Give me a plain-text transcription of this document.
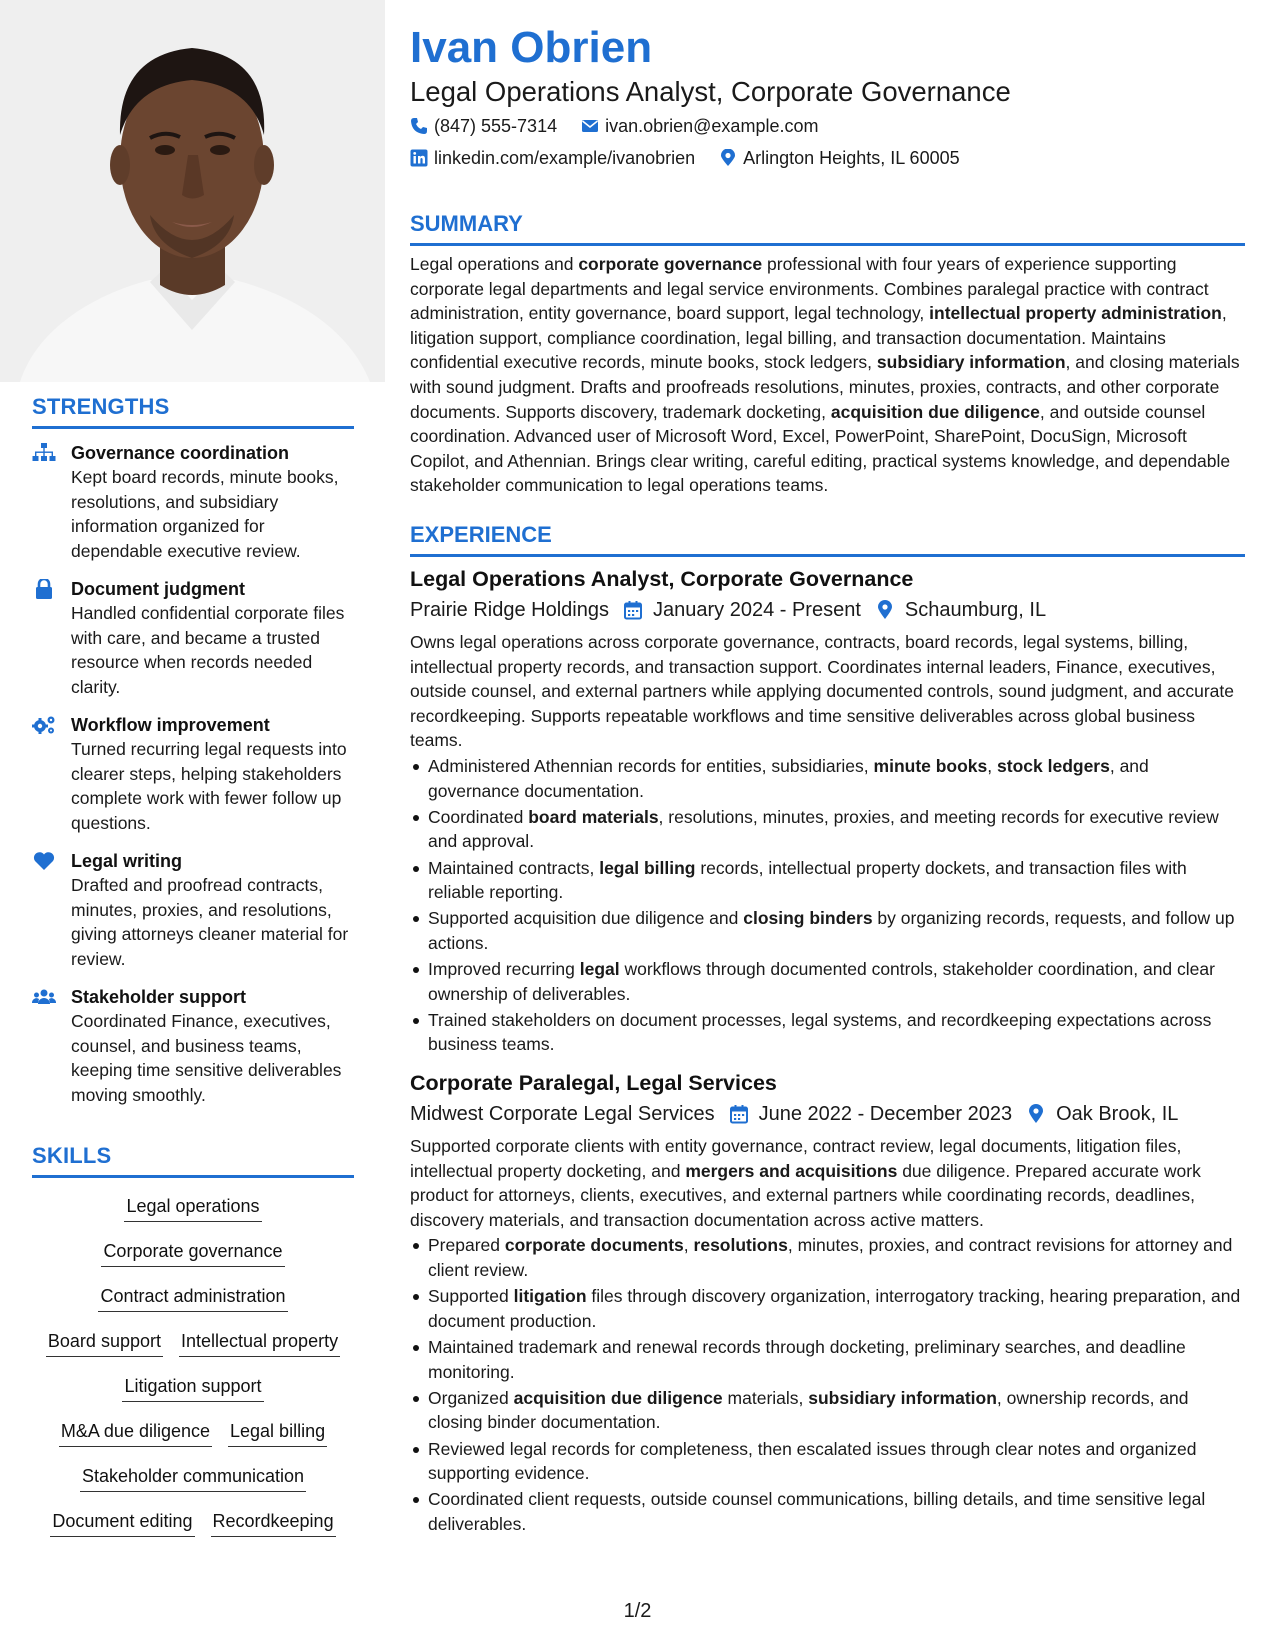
STRENGTHS
Governance coordination
Kept board records, minute books, resolutions, and subsidiary information organized for dependable executive review.
Document judgment
Handled confidential corporate files with care, and became a trusted resource when records needed clarity.
Workflow improvement
Turned recurring legal requests into clearer steps, helping stakeholders complete work with fewer follow up questions.
Legal writing
Drafted and proofread contracts, minutes, proxies, and resolutions, giving attorneys cleaner material for review.
Stakeholder support
Coordinated Finance, executives, counsel, and business teams, keeping time sensitive deliverables moving smoothly.
SKILLS
Legal operations
Corporate governance
Contract administration
Board support Intellectual property
Litigation support
M&A due diligence Legal billing
Stakeholder communication
Document editing Recordkeeping
Ivan Obrien
Legal Operations Analyst, Corporate Governance
(847) 555-7314	ivan.obrien@example.com
linkedin.com/example/ivanobrien	Arlington Heights, IL 60005
SUMMARY
Legal operations and corporate governance professional with four years of experience supporting corporate legal departments and legal service environments. Combines paralegal practice with contract administration, entity governance, board support, legal technology, intellectual property administration, litigation support, compliance coordination, legal billing, and transaction documentation. Maintains confidential executive records, minute books, stock ledgers, subsidiary information, and closing materials with sound judgment. Drafts and proofreads resolutions, minutes, proxies, contracts, and other corporate documents. Supports discovery, trademark docketing, acquisition due diligence, and outside counsel coordination. Advanced user of Microsoft Word, Excel, PowerPoint, SharePoint, DocuSign, Microsoft Copilot, and Athennian. Brings clear writing, careful editing, practical systems knowledge, and dependable stakeholder communication to legal operations teams.
EXPERIENCE
Legal Operations Analyst, Corporate Governance
Prairie Ridge Holdings January 2024 - Present Schaumburg, IL
Owns legal operations across corporate governance, contracts, board records, legal systems, billing, intellectual property records, and transaction support. Coordinates internal leaders, Finance, executives, outside counsel, and external partners while applying documented controls, sound judgment, and accurate recordkeeping. Supports repeatable workflows and time sensitive deliverables across global business teams.
Administered Athennian records for entities, subsidiaries, minute books, stock ledgers, and governance documentation.
Coordinated board materials, resolutions, minutes, proxies, and meeting records for executive review and approval.
Maintained contracts, legal billing records, intellectual property dockets, and transaction files with reliable reporting.
Supported acquisition due diligence and closing binders by organizing records, requests, and follow up actions.
Improved recurring legal workflows through documented controls, stakeholder coordination, and clear ownership of deliverables.
Trained stakeholders on document processes, legal systems, and recordkeeping expectations across business teams.
Corporate Paralegal, Legal Services
Midwest Corporate Legal Services June 2022 - December 2023 Oak Brook, IL
Supported corporate clients with entity governance, contract review, legal documents, litigation files, intellectual property docketing, and mergers and acquisitions due diligence. Prepared accurate work product for attorneys, clients, executives, and external partners while coordinating records, deadlines, discovery materials, and transaction documentation across active matters.
Prepared corporate documents, resolutions, minutes, proxies, and contract revisions for attorney and client review.
Supported litigation files through discovery organization, interrogatory tracking, hearing preparation, and document production.
Maintained trademark and renewal records through docketing, preliminary searches, and deadline monitoring.
Organized acquisition due diligence materials, subsidiary information, ownership records, and closing binder documentation.
Reviewed legal records for completeness, then escalated issues through clear notes and organized supporting evidence.
Coordinated client requests, outside counsel communications, billing details, and time sensitive legal deliverables.
1/2
